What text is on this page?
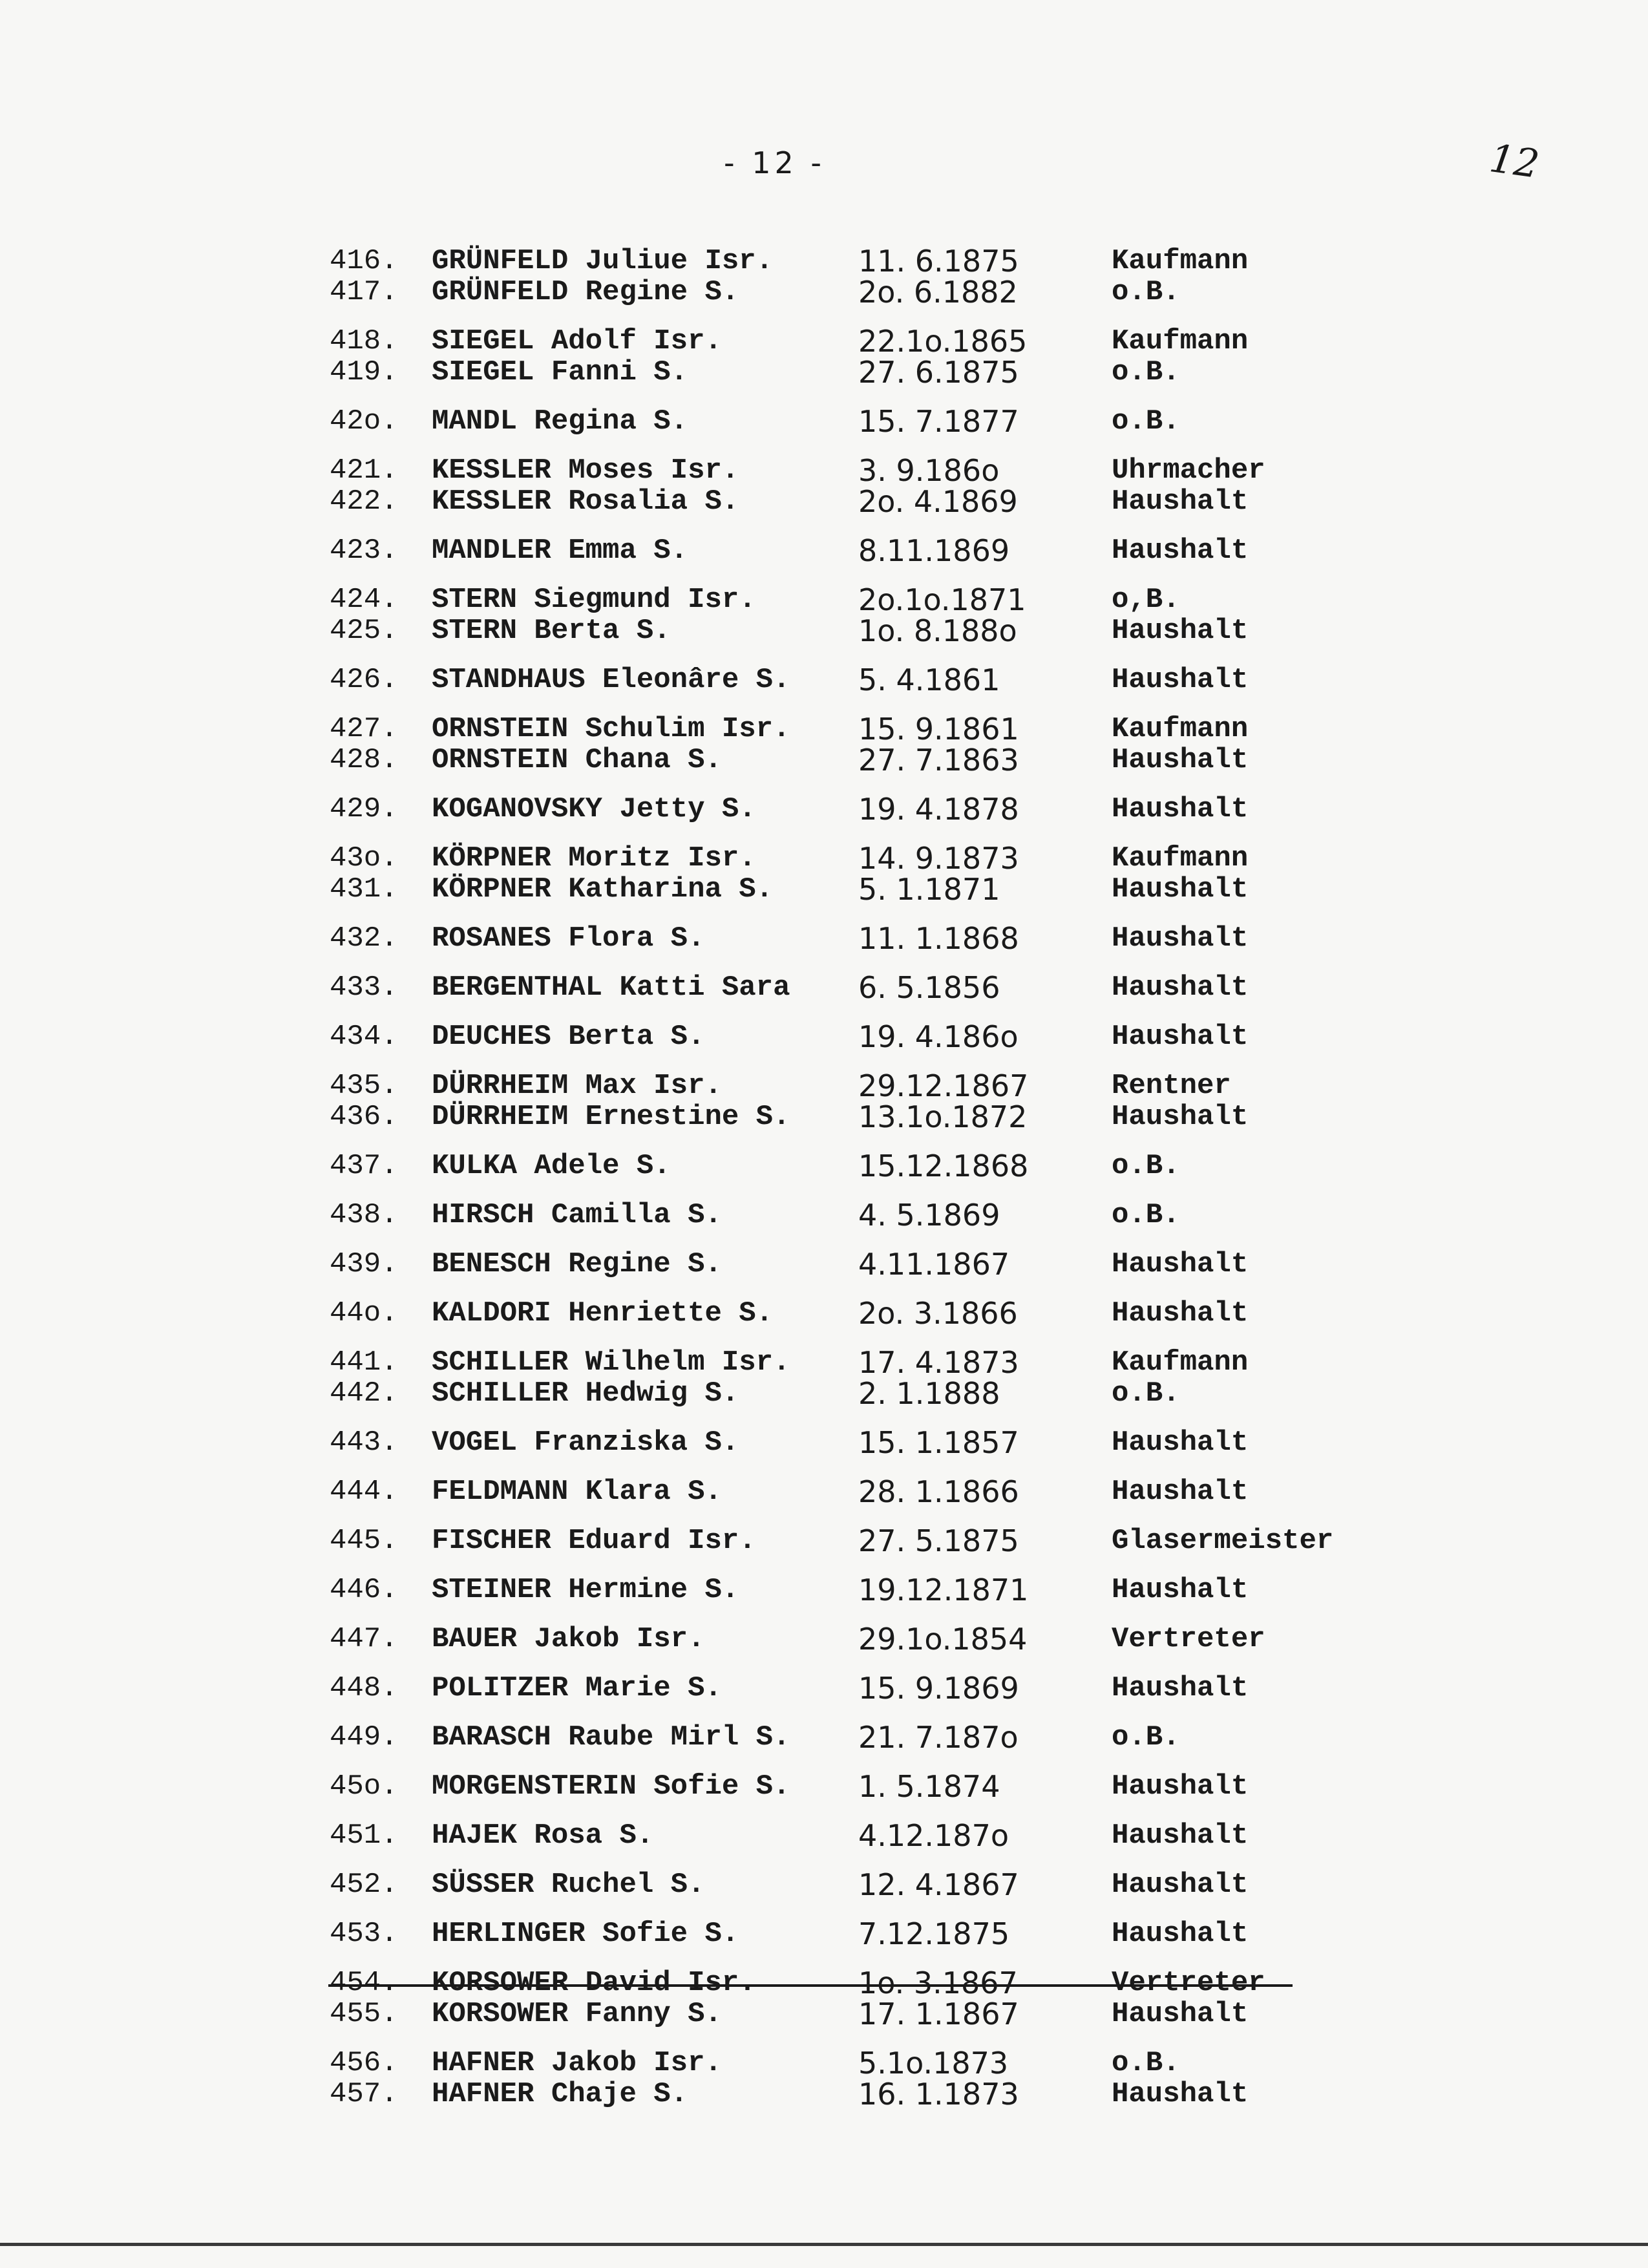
- 12 -	12
416. GRÜNFELD Juliue Isr.	11. 6.1875	Kaufmann
417. GRÜNFELD Regine S.	2o. 6.1882	o.B.
418. SIEGEL Adolf Isr.	22.1o.1865	Kaufmann
419. SIEGEL Fanni S.	27. 6.1875	o.B.
42o. MANDL Regina S.	15. 7.1877	o.B.
421. KESSLER Moses Isr.	3. 9.186o	Uhrmacher
422. KESSLER Rosalia S.	2o. 4.1869	Haushalt
423. MANDLER Emma S.	8.11.1869	Haushalt
424. STERN Siegmund Isr.	2o.1o.1871	o,B.
425. STERN Berta S.	1o. 8.188o	Haushalt
426. STANDHAUS Eleonâre S. 5. 4.1861	Haushalt
427. ORNSTEIN Schulim Isr. 15. 9.1861	Kaufmann
428. ORNSTEIN Chana S.	27. 7.1863	Haushalt
429. KOGANOVSKY Jetty S.	19. 4.1878	Haushalt
43o. KÖRPNER Moritz Isr.	14. 9.1873	Kaufmann
431. KÖRPNER Katharina S.	5. 1.1871	Haushalt
432. ROSANES Flora S.	11. 1.1868	Haushalt
433. BERGENTHAL Katti Sara 6. 5.1856	Haushalt
434. DEUCHES Berta S.	19. 4.186o	Haushalt
435. DÜRRHEIM Max Isr.	29.12.1867	Rentner
436. DÜRRHEIM Ernestine S. 13.1o.1872	Haushalt
437. KULKA Adele S.	15.12.1868	o.B.
438. HIRSCH Camilla S.	4. 5.1869	o.B.
439. BENESCH Regine S.	4.11.1867	Haushalt
44o. KALDORI Henriette S.	2o. 3.1866	Haushalt
441. SCHILLER Wilhelm Isr. 17. 4.1873	Kaufmann
442. SCHILLER Hedwig S.	2. 1.1888	o.B.
443. VOGEL Franziska S.	15. 1.1857	Haushalt
444. FELDMANN Klara S.	28. 1.1866	Haushalt
445. FISCHER Eduard Isr.	27. 5.1875	Glasermeister
446. STEINER Hermine S.	19.12.1871	Haushalt
447. BAUER Jakob Isr.	29.1o.1854	Vertreter
448. POLITZER Marie S.	15. 9.1869	Haushalt
449. BARASCH Raube Mirl S. 21. 7.187o	o.B.
45o. MORGENSTERIN Sofie S. 1. 5.1874	Haushalt
451. HAJEK Rosa S.	4.12.187o	Haushalt
452. SÜSSER Ruchel S.	12. 4.1867	Haushalt
453. HERLINGER Sofie S.	7.12.1875	Haushalt
454. KORSOWER David Isr.	1o. 3.1867	Vertreter
455. KORSOWER Fanny S.	17. 1.1867	Haushalt
456. HAFNER Jakob Isr.	5.1o.1873	o.B.
457. HAFNER Chaje S.	16. 1.1873	Haushalt
